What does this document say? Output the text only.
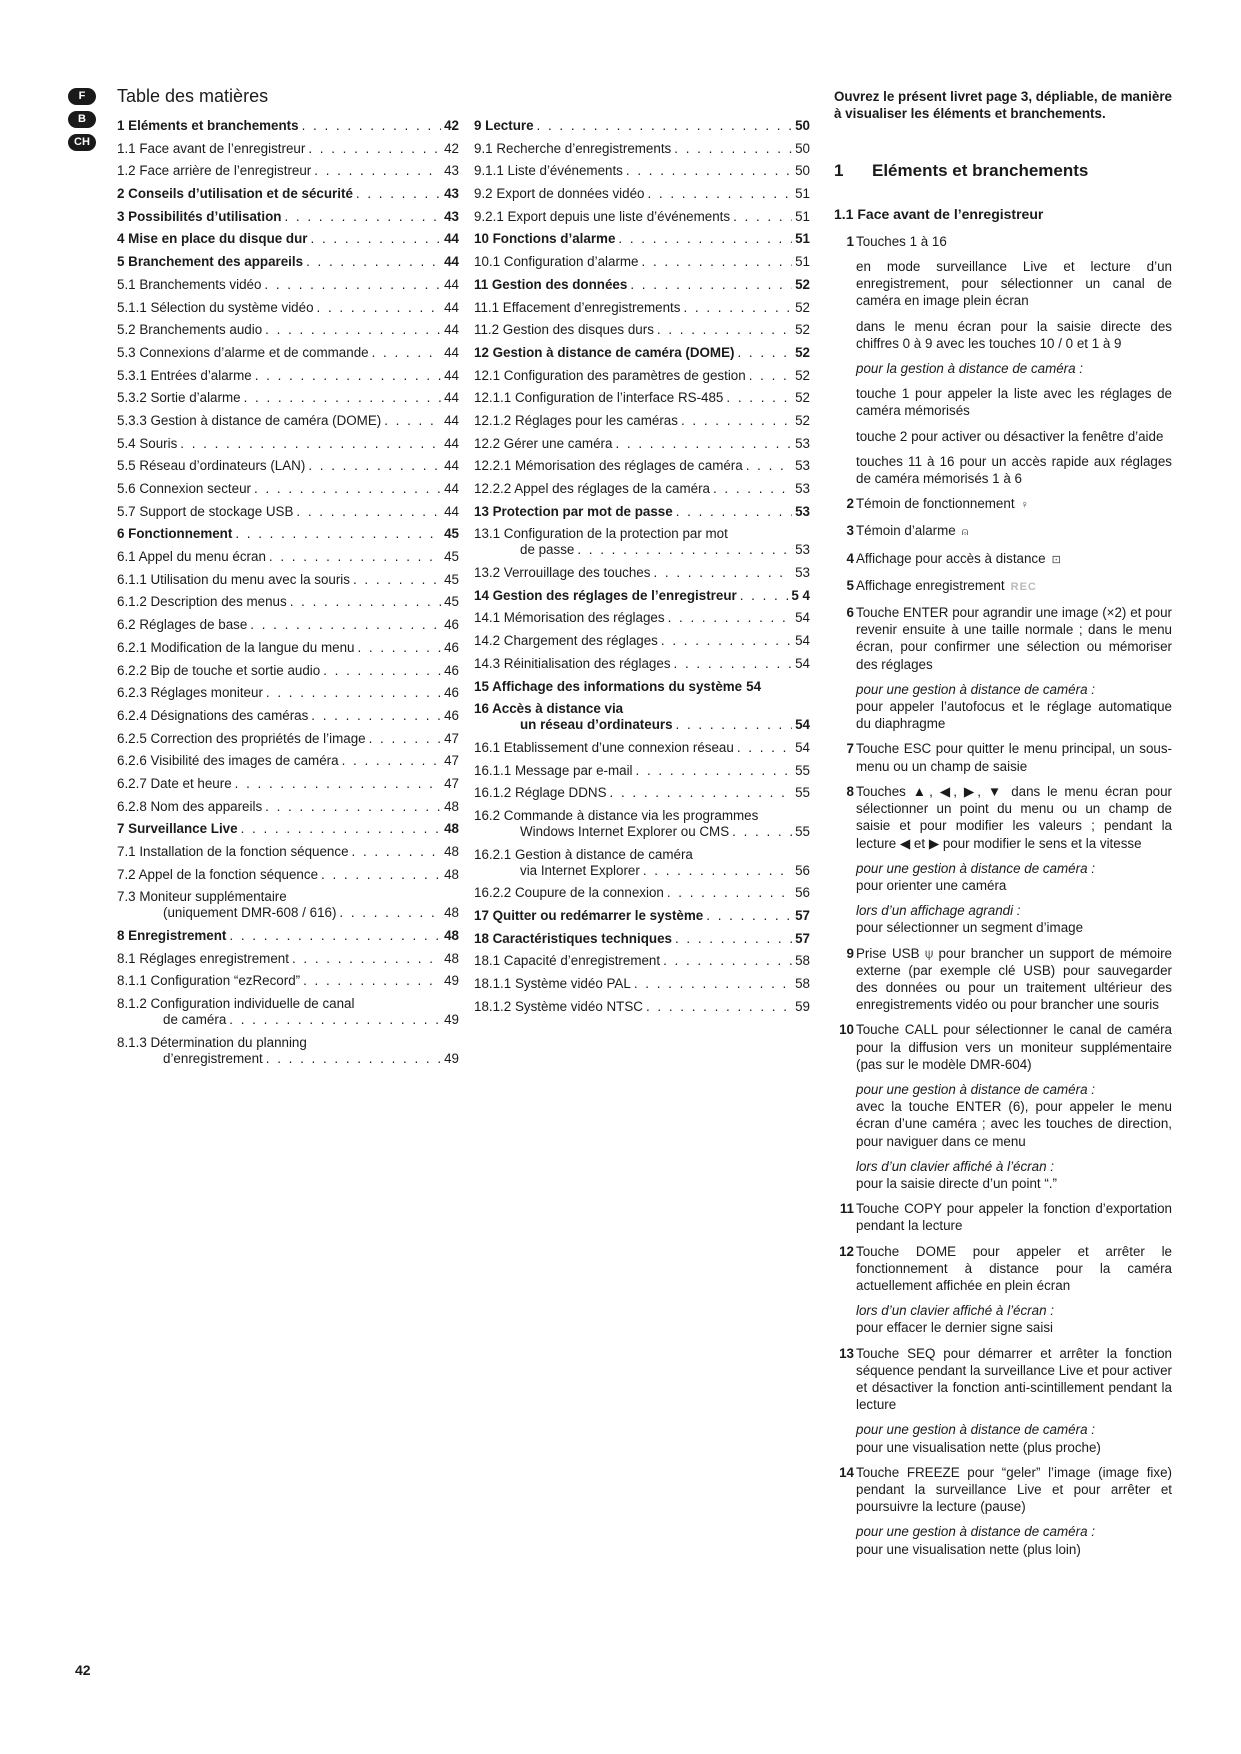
F
B
CH
Table des matières
1 Eléments et branchements . . .	42
1.1 Face avant de l’enregistreur . . .	42
1.2 Face arrière de l’enregistreur . . .	43
2 Conseils d’utilisation et de sécurité . . .	43
3 Possibilités d’utilisation . . .	43
4 Mise en place du disque dur . . .	44
5 Branchement des appareils . . .	44
5.1 Branchements vidéo . . .	44
5.1.1 Sélection du système vidéo . . .	44
5.2 Branchements audio . . .	44
5.3 Connexions d’alarme et de commande . . .	44
5.3.1 Entrées d’alarme . . .	44
5.3.2 Sortie d’alarme . . .	44
5.3.3 Gestion à distance de caméra (DOME) . . .	44
5.4 Souris . . .	44
5.5 Réseau d’ordinateurs (LAN) . . .	44
5.6 Connexion secteur . . .	44
5.7 Support de stockage USB . . .	44
6 Fonctionnement . . .	45
6.1 Appel du menu écran . . .	45
6.1.1 Utilisation du menu avec la souris . . .	45
6.1.2 Description des menus . . .	45
6.2 Réglages de base . . .	46
6.2.1 Modification de la langue du menu . . .	46
6.2.2 Bip de touche et sortie audio . . .	46
6.2.3 Réglages moniteur . . .	46
6.2.4 Désignations des caméras . . .	46
6.2.5 Correction des propriétés de l’image . . .	47
6.2.6 Visibilité des images de caméra . . .	47
6.2.7 Date et heure . . .	47
6.2.8 Nom des appareils . . .	48
7 Surveillance Live . . .	48
7.1 Installation de la fonction séquence . . .	48
7.2 Appel de la fonction séquence . . .	48
7.3 Moniteur supplémentaire
(uniquement DMR-608 / 616) . . .	48
8 Enregistrement . . .	48
8.1 Réglages enregistrement . . .	48
8.1.1 Configuration “ezRecord” . . .	49
8.1.2 Configuration individuelle de canal
de caméra . . .	49
8.1.3 Détermination du planning
d’enregistrement . . .	49
9 Lecture . . .	50
9.1 Recherche d’enregistrements . . .	50
9.1.1 Liste d’événements . . .	50
9.2 Export de données vidéo . . .	51
9.2.1 Export depuis une liste d’événements . . .	51
10 Fonctions d’alarme . . .	51
10.1 Configuration d’alarme . . .	51
11 Gestion des données . . .	52
11.1 Effacement d’enregistrements . . .	52
11.2 Gestion des disques durs . . .	52
12 Gestion à distance de caméra (DOME) . . .	52
12.1 Configuration des paramètres de gestion . . .	52
12.1.1 Configuration de l’interface RS-485 . . .	52
12.1.2 Réglages pour les caméras . . .	52
12.2 Gérer une caméra . . .	53
12.2.1 Mémorisation des réglages de caméra . . .	53
12.2.2 Appel des réglages de la caméra . . .	53
13 Protection par mot de passe . . .	53
13.1 Configuration de la protection par mot
de passe . . .	53
13.2 Verrouillage des touches . . .	53
14 Gestion des réglages de l’enregistreur . . .	5 4
14.1 Mémorisation des réglages . . .	54
14.2 Chargement des réglages . . .	54
14.3 Réinitialisation des réglages . . .	54
15 Affichage des informations du système 54
16 Accès à distance via
un réseau d’ordinateurs . . .	54
16.1 Etablissement d’une connexion réseau . . .	54
16.1.1 Message par e-mail . . .	55
16.1.2 Réglage DDNS . . .	55
16.2 Commande à distance via les programmes
Windows Internet Explorer ou CMS . . .	55
16.2.1 Gestion à distance de caméra
via Internet Explorer . . .	56
16.2.2 Coupure de la connexion . . .	56
17 Quitter ou redémarrer le système . . .	57
18 Caractéristiques techniques . . .	57
18.1 Capacité d’enregistrement . . .	58
18.1.1 Système vidéo PAL . . .	58
18.1.2 Système vidéo NTSC . . .	59

Ouvrez le présent livret page 3, dépliable, de manière à visualiser les éléments et branchements.

1	Eléments et branchements
1.1 Face avant de l’enregistreur
1 Touches 1 à 16
en mode surveillance Live et lecture d’un enregistrement, pour sélectionner un canal de caméra en image plein écran
dans le menu écran pour la saisie directe des chiffres 0 à 9 avec les touches 10 / 0 et 1 à 9
pour la gestion à distance de caméra :
touche 1 pour appeler la liste avec les réglages de caméra mémorisés
touche 2 pour activer ou désactiver la fenêtre d’aide
touches 11 à 16 pour un accès rapide aux réglages de caméra mémorisés 1 à 6
2 Témoin de fonctionnement ♀
3 Témoin d’alarme ⍝
4 Affichage pour accès à distance ⊡
5 Affichage enregistrement REC
6 Touche ENTER pour agrandir une image (×2) et pour revenir ensuite à une taille normale ; dans le menu écran, pour confirmer une sélection ou mémoriser des réglages
pour une gestion à distance de caméra :
pour appeler l’autofocus et le réglage automatique du diaphragme
7 Touche ESC pour quitter le menu principal, un sous-menu ou un champ de saisie
8 Touches ▲, ◀, ▶, ▼ dans le menu écran pour sélectionner un point du menu ou un champ de saisie et pour modifier les valeurs ; pendant la lecture ◀ et ▶ pour modifier le sens et la vitesse
pour une gestion à distance de caméra :
pour orienter une caméra
lors d’un affichage agrandi :
pour sélectionner un segment d’image
9 Prise USB ⍦ pour brancher un support de mémoire externe (par exemple clé USB) pour sauvegarder des données ou pour un traitement ultérieur des enregistrements vidéo ou pour brancher une souris
10 Touche CALL pour sélectionner le canal de caméra pour la diffusion vers un moniteur supplémentaire (pas sur le modèle DMR-604)
pour une gestion à distance de caméra :
avec la touche ENTER (6), pour appeler le menu écran d’une caméra ; avec les touches de direction, pour naviguer dans ce menu
lors d’un clavier affiché à l’écran :
pour la saisie directe d’un point “.”
11 Touche COPY pour appeler la fonction d’exportation pendant la lecture
12 Touche DOME pour appeler et arrêter le fonctionnement à distance pour la caméra actuellement affichée en plein écran
lors d’un clavier affiché à l’écran :
pour effacer le dernier signe saisi
13 Touche SEQ pour démarrer et arrêter la fonction séquence pendant la surveillance Live et pour activer et désactiver la fonction anti-scintillement pendant la lecture
pour une gestion à distance de caméra :
pour une visualisation nette (plus proche)
14 Touche FREEZE pour “geler” l’image (image fixe) pendant la surveillance Live et pour arrêter et poursuivre la lecture (pause)
pour une gestion à distance de caméra :
pour une visualisation nette (plus loin)
42
